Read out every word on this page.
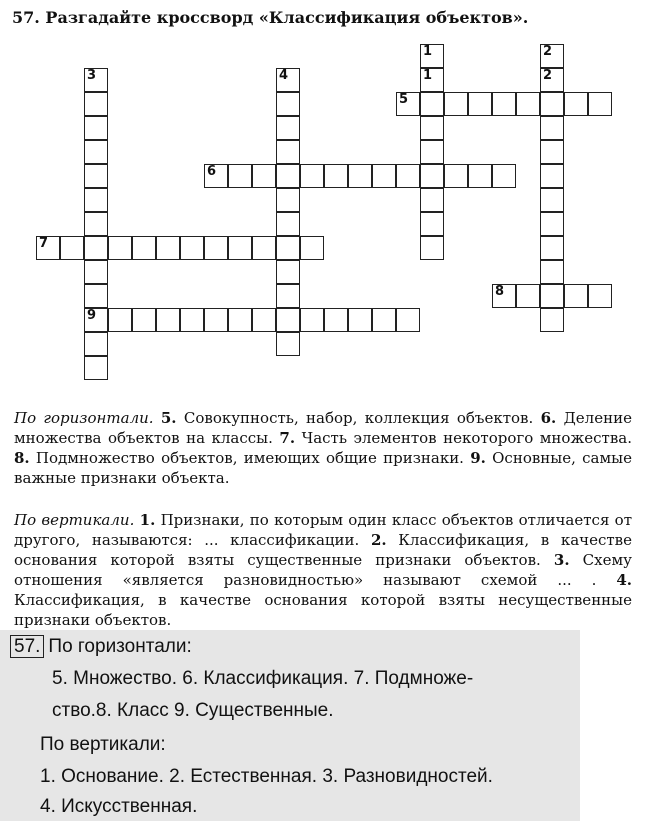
57. Разгадайте кроссворд «Классификация объектов».
1	2
3
9
4
5
6
7
8
1	2
По горизонтали. 5. Совокупность, набор, коллекция объектов. 6. Деление множества объектов на классы. 7. Часть элементов некоторого множества. 8. Подмножество объектов, имеющих общие признаки. 9. Основные, самые важные признаки объекта.
По вертикали. 1. Признаки, по которым один класс объектов отличается от другого, называются: ... классификации. 2. Классификация, в качестве основания которой взяты существенные признаки объектов. 3. Схему отношения «является разновидностью» называют схемой ... . 4. Классификация, в качестве основания которой взяты несущественные признаки объектов.
57. По горизонтали:
5. Множество. 6. Классификация. 7. Подмноже-
ство.8. Класс 9. Существенные.
По вертикали:
1. Основание. 2. Естественная. 3. Разновидностей.
4. Искусственная.
